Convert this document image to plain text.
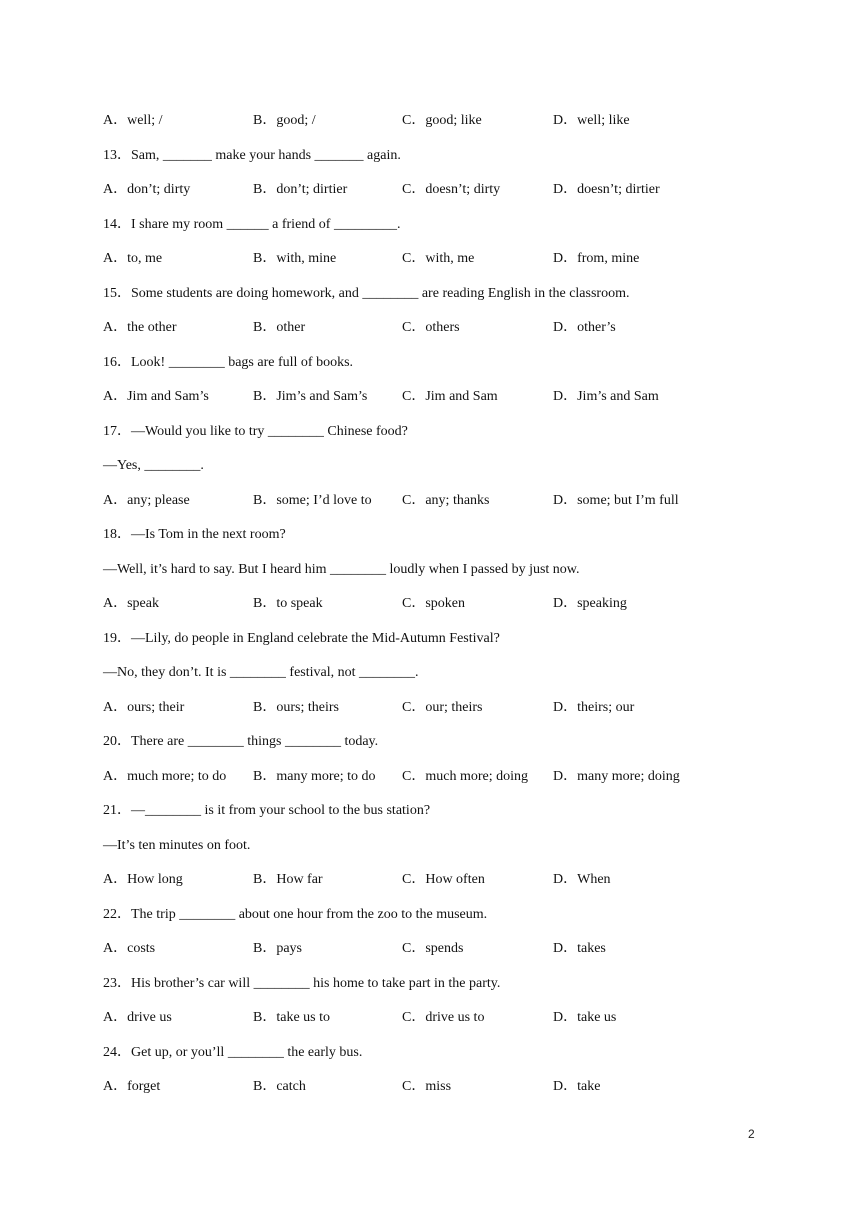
A．well; /	B．good; /	C．good; like	D．well; like
13．Sam, _______ make your hands _______ again.
A．don’t; dirty	B．don’t; dirtier	C．doesn’t; dirty	D．doesn’t; dirtier
14．I share my room ______ a friend of _________.
A．to, me	B．with, mine	C．with, me	D．from, mine
15．Some students are doing homework, and ________ are reading English in the classroom.
A．the other	B．other	C．others	D．other’s
16．Look! ________ bags are full of books.
A．Jim and Sam’s	B．Jim’s and Sam’s C．Jim and Sam	D．Jim’s and Sam
17．—Would you like to try ________ Chinese food?
—Yes, ________.
A．any; please	B．some; I’d love to C．any; thanks	D．some; but I’m full
18．—Is Tom in the next room?
—Well, it’s hard to say. But I heard him ________ loudly when I passed by just now.
A．speak	B．to speak	C．spoken	D．speaking
19．—Lily, do people in England celebrate the Mid-Autumn Festival?
—No, they don’t. It is ________ festival, not ________.
A．ours; their	B．ours; theirs	C．our; theirs	D．theirs; our
20．There are ________ things ________ today.
A．much more; to do B．many more; to do C．much more; doing D．many more; doing
21．—________ is it from your school to the bus station?
—It’s ten minutes on foot.
A．How long	B．How far	C．How often	D．When
22．The trip ________ about one hour from the zoo to the museum.
A．costs	B．pays	C．spends	D．takes
23．His brother’s car will ________ his home to take part in the party.
A．drive us	B．take us to	C．drive us to	D．take us
24．Get up, or you’ll ________ the early bus.
A．forget	B．catch	C．miss	D．take
2
